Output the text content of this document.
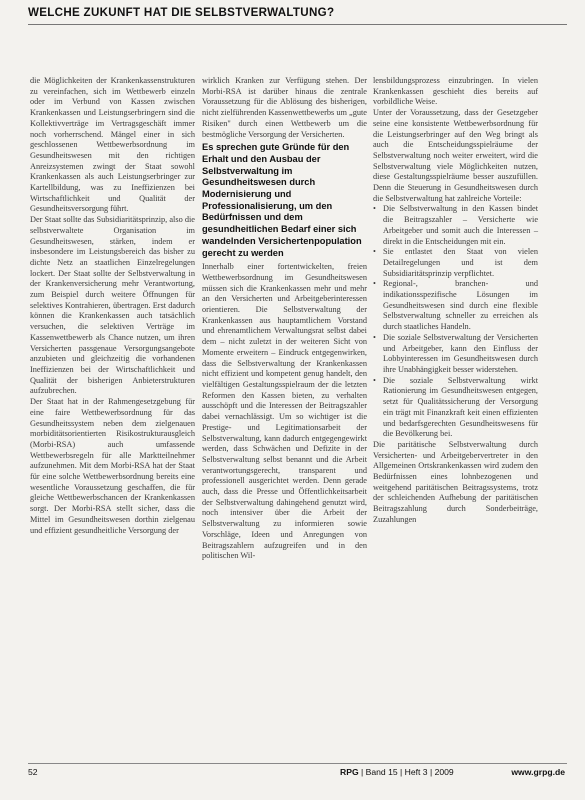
WELCHE ZUKUNFT HAT DIE SELBSTVERWALTUNG?

die Möglichkeiten der Krankenkassenstrukturen zu vereinfachen, sich im Wettbewerb einzeln oder im Verbund von Kassen zwischen Krankenkassen und Leistungserbringern sind die Kollektivverträge im Vertragsgeschäft immer noch vorherrschend. Mängel einer in sich geschlossenen Wettbewerbsordnung im Gesundheitswesen mit den richtigen Anreizsystemen zwingt der Staat sowohl Krankenkassen als auch Leistungserbringer zur Kartellbildung, was zu Ineffizienzen bei Wirtschaftlichkeit und Qualität der Gesundheitsversorgung führt.

Der Staat sollte das Subsidiaritätsprinzip, also die selbstverwaltete Organisation im Gesundheitswesen, stärken, indem er insbesondere im Leistungsbereich das bisher zu dichte Netz an staatlichen Einzelregelungen lockert. Der Staat sollte der Selbstverwaltung in der Krankenversicherung mehr Verantwortung, zum Beispiel durch weitere Öffnungen für selektives Kontrahieren, übertragen. Erst dadurch können die Krankenkassen auch tatsächlich versuchen, die selektiven Verträge im Kassenwettbewerb als Chance nutzen, um ihren Versicherten passgenaue Versorgungsangebote anzubieten und gleichzeitig die vorhandenen Ineffizienzen bei der Wirtschaftlichkeit und Qualität der bisherigen Anbieterstrukturen aufzubrechen.

Der Staat hat in der Rahmengesetzgebung für eine faire Wettbewerbsordnung für das Gesundheitssystem neben dem zielgenauen morbiditätsorientierten Risikostrukturausgleich (Morbi-RSA) auch umfassende Wettbewerbsregeln für alle Marktteilnehmer aufzunehmen. Mit dem Morbi-RSA hat der Staat für eine solche Wettbewerbsordnung bereits eine wesentliche Voraussetzung geschaffen, die für gleiche Wettbewerbschancen der Krankenkassen sorgt. Der Morbi-RSA stellt sicher, dass die Mittel im Gesundheitswesen dorthin zielgenau und effizient gesundheitliche Versorgung der

wirklich Kranken zur Verfügung stehen. Der Morbi-RSA ist darüber hinaus die zentrale Voraussetzung für die Ablösung des bisherigen, nicht zielführenden Kassenwettbewerbs um „gute Risiken" durch einen Wettbewerb um die bestmögliche Versorgung der Versicherten.

Es sprechen gute Gründe für den Erhalt und den Ausbau der Selbstverwaltung im Gesundheitswesen durch Modernisierung und Professionalisierung, um den Bedürfnissen und dem gesundheitlichen Bedarf einer sich wandelnden Versichertenpopulation gerecht zu werden

Innerhalb einer fortentwickelten, freien Wettbewerbsordnung im Gesundheitswesen müssen sich die Krankenkassen mehr und mehr an den Versicherten und Arbeitgeberinteressen orientieren. Die Selbstverwaltung der Krankenkassen aus hauptamtlichem Vorstand und ehrenamtlichem Verwaltungsrat selbst dabei dem – nicht zuletzt in der weiteren Sicht von Momente erweitern – Eindruck entgegenwirken, dass die Selbstverwaltung der Krankenkassen nicht effizient und kompetent genug handelt, den vielfältigen Gestaltungsspielraum der die letzten Reformen den Kassen bieten, zu verhalten ausschöpft und die Interessen der Beitragszahler dabei vernachlässigt. Um so wichtiger ist die Prestige- und Legitimationsarbeit der Selbstverwaltung, kann dadurch entgegengewirkt werden, dass Schwächen und Defizite in der Selbstverwaltung selbst benannt und die Arbeit verantwortungsgerecht, transparent und professionell ausgerichtet werden. Denn gerade auch, dass die Presse und Öffentlichkeitsarbeit der Selbstverwaltung dahingehend genutzt wird, noch intensiver über die Arbeit der Selbstverwaltung zu informieren sowie Vorschläge, Ideen und Anregungen von Beitragszahlern aufzugreifen und in den politischen Wil-

lensbildungsprozess einzubringen. In vielen Krankenkassen geschieht dies bereits auf vorbildliche Weise.

Unter der Voraussetzung, dass der Gesetzgeber seine eine konsistente Wettbewerbsordnung für die Leistungserbringer auf den Weg bringt als auch die Entscheidungsspielräume der Selbstverwaltung noch weiter erweitert, wird die Selbstverwaltung viele Möglichkeiten nutzen, diese Gestaltungsspielräume besser auszufüllen. Denn die Steuerung in Gesundheitswesen durch die Selbstverwaltung hat zahlreiche Vorteile:

• Die Selbstverwaltung in den Kassen bindet die Beitragszahler – Versicherte wie Arbeitgeber und somit auch die Interessen – direkt in die Entscheidungen mit ein.
• Sie entlastet den Staat von vielen Detailregelungen und ist dem Subsidiaritätsprinzip verpflichtet.
• Regional-, branchen- und indikationsspezifische Lösungen im Gesundheitswesen sind durch eine flexible Selbstverwaltung schneller zu erreichen als durch staatliches Handeln.
• Die soziale Selbstverwaltung der Versicherten und Arbeitgeber, kann den Einfluss der Lobbyinteressen im Gesundheitswesen durch ihre Unabhängigkeit besser widerstehen.
• Die soziale Selbstverwaltung wirkt Rationierung im Gesundheitswesen entgegen, setzt für Qualitätssicherung der Versorgung ein trägt mit Finanzkraft keit einen effizienten und bedarfsgerechten Gesundheitswesens für die Bevölkerung bei.

Die paritätische Selbstverwaltung durch Versicherten- und Arbeitgebervertreter in den Allgemeinen Ortskrankenkassen wird zudem den Bedürfnissen eines lohnbezogenen und weitgehend paritätischen Beitragssystems, trotz der schleichenden Aufhebung der paritätischen Beitragszahlung durch Sonderbeiträge, Zuzahlungen

52	RPG | Band 15 | Heft 3 | 2009	www.grpg.de
